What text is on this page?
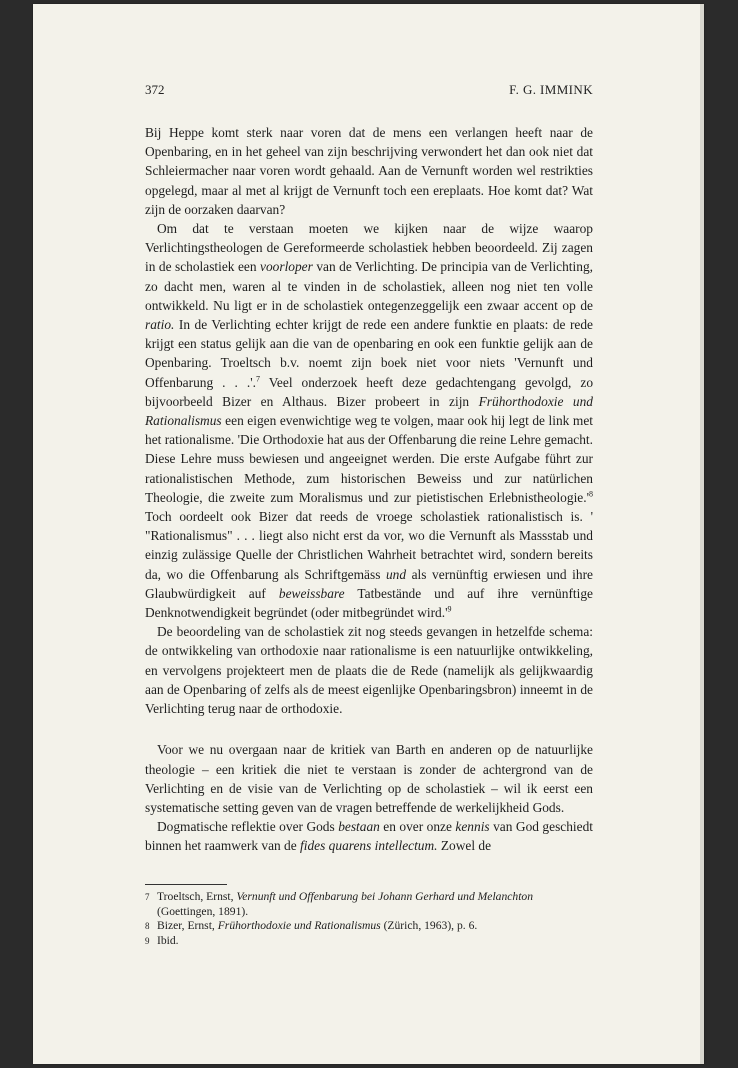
372	F. G. IMMINK

Bij Heppe komt sterk naar voren dat de mens een verlangen heeft naar de Openbaring, en in het geheel van zijn beschrijving verwondert het dan ook niet dat Schleiermacher naar voren wordt gehaald. Aan de Vernunft worden wel restrikties opgelegd, maar al met al krijgt de Vernunft toch een ereplaats. Hoe komt dat? Wat zijn de oorzaken daarvan?

Om dat te verstaan moeten we kijken naar de wijze waarop Verlichtingstheologen de Gereformeerde scholastiek hebben beoordeeld. Zij zagen in de scholastiek een voorloper van de Verlichting. De principia van de Verlichting, zo dacht men, waren al te vinden in de scholastiek, alleen nog niet ten volle ontwikkeld. Nu ligt er in de scholastiek ontegenzeggelijk een zwaar accent op de ratio. In de Verlichting echter krijgt de rede een andere funktie en plaats: de rede krijgt een status gelijk aan die van de openbaring en ook een funktie gelijk aan de Openbaring. Troeltsch b.v. noemt zijn boek niet voor niets 'Vernunft und Offenbarung . . .'.$^7$ Veel onderzoek heeft deze gedachtengang gevolgd, zo bijvoorbeeld Bizer en Althaus. Bizer probeert in zijn Frühorthodoxie und Rationalismus een eigen evenwichtige weg te volgen, maar ook hij legt de link met het rationalisme. 'Die Orthodoxie hat aus der Offenbarung die reine Lehre gemacht. Diese Lehre muss bewiesen und angeeignet werden. Die erste Aufgabe führt zur rationalistischen Methode, zum historischen Beweiss und zur natürlichen Theologie, die zweite zum Moralismus und zur pietistischen $Erlebnistheologie.'^8$ Toch oordeelt ook Bizer dat reeds de vroege scholastiek rationalistisch is. ' "Rationalismus" . . . liegt also nicht erst da vor, wo die Vernunft als Massstab und einzig zulässige Quelle der Christlichen Wahrheit betrachtet wird, sondern bereits da, wo die Offenbarung als Schriftgemäss und als vernünftig erwiesen und ihre Glaubwürdigkeit auf beweissbare Tatbestände und auf ihre vernünftige Denknotwendigkeit begründet (oder mitbegründet $wird.'^9$

De beoordeling van de scholastiek zit nog steeds gevangen in hetzelfde schema: de ontwikkeling van orthodoxie naar rationalisme is een natuurlijke ontwikkeling, en vervolgens projekteert men de plaats die de Rede (namelijk als gelijkwaardig aan de Openbaring of zelfs als de meest eigenlijke Openbaringsbron) inneemt in de Verlichting terug naar de orthodoxie.

Voor we nu overgaan naar de kritiek van Barth en anderen op de natuurlijke theologie – een kritiek die niet te verstaan is zonder de achtergrond van de Verlichting en de visie van de Verlichting op de scholastiek – wil ik eerst een systematische setting geven van de vragen betreffende de werkelijkheid Gods.

Dogmatische reflektie over Gods bestaan en over onze kennis van God geschiedt binnen het raamwerk van de fides quarens intellectum. Zowel de

7 Troeltsch, Ernst, Vernunft und Offenbarung bei Johann Gerhard und Melanchton (Goettingen, 1891).
8 Bizer, Ernst, Frühorthodoxie und Rationalismus (Zürich, 1963), p. 6.
9 Ibid.
